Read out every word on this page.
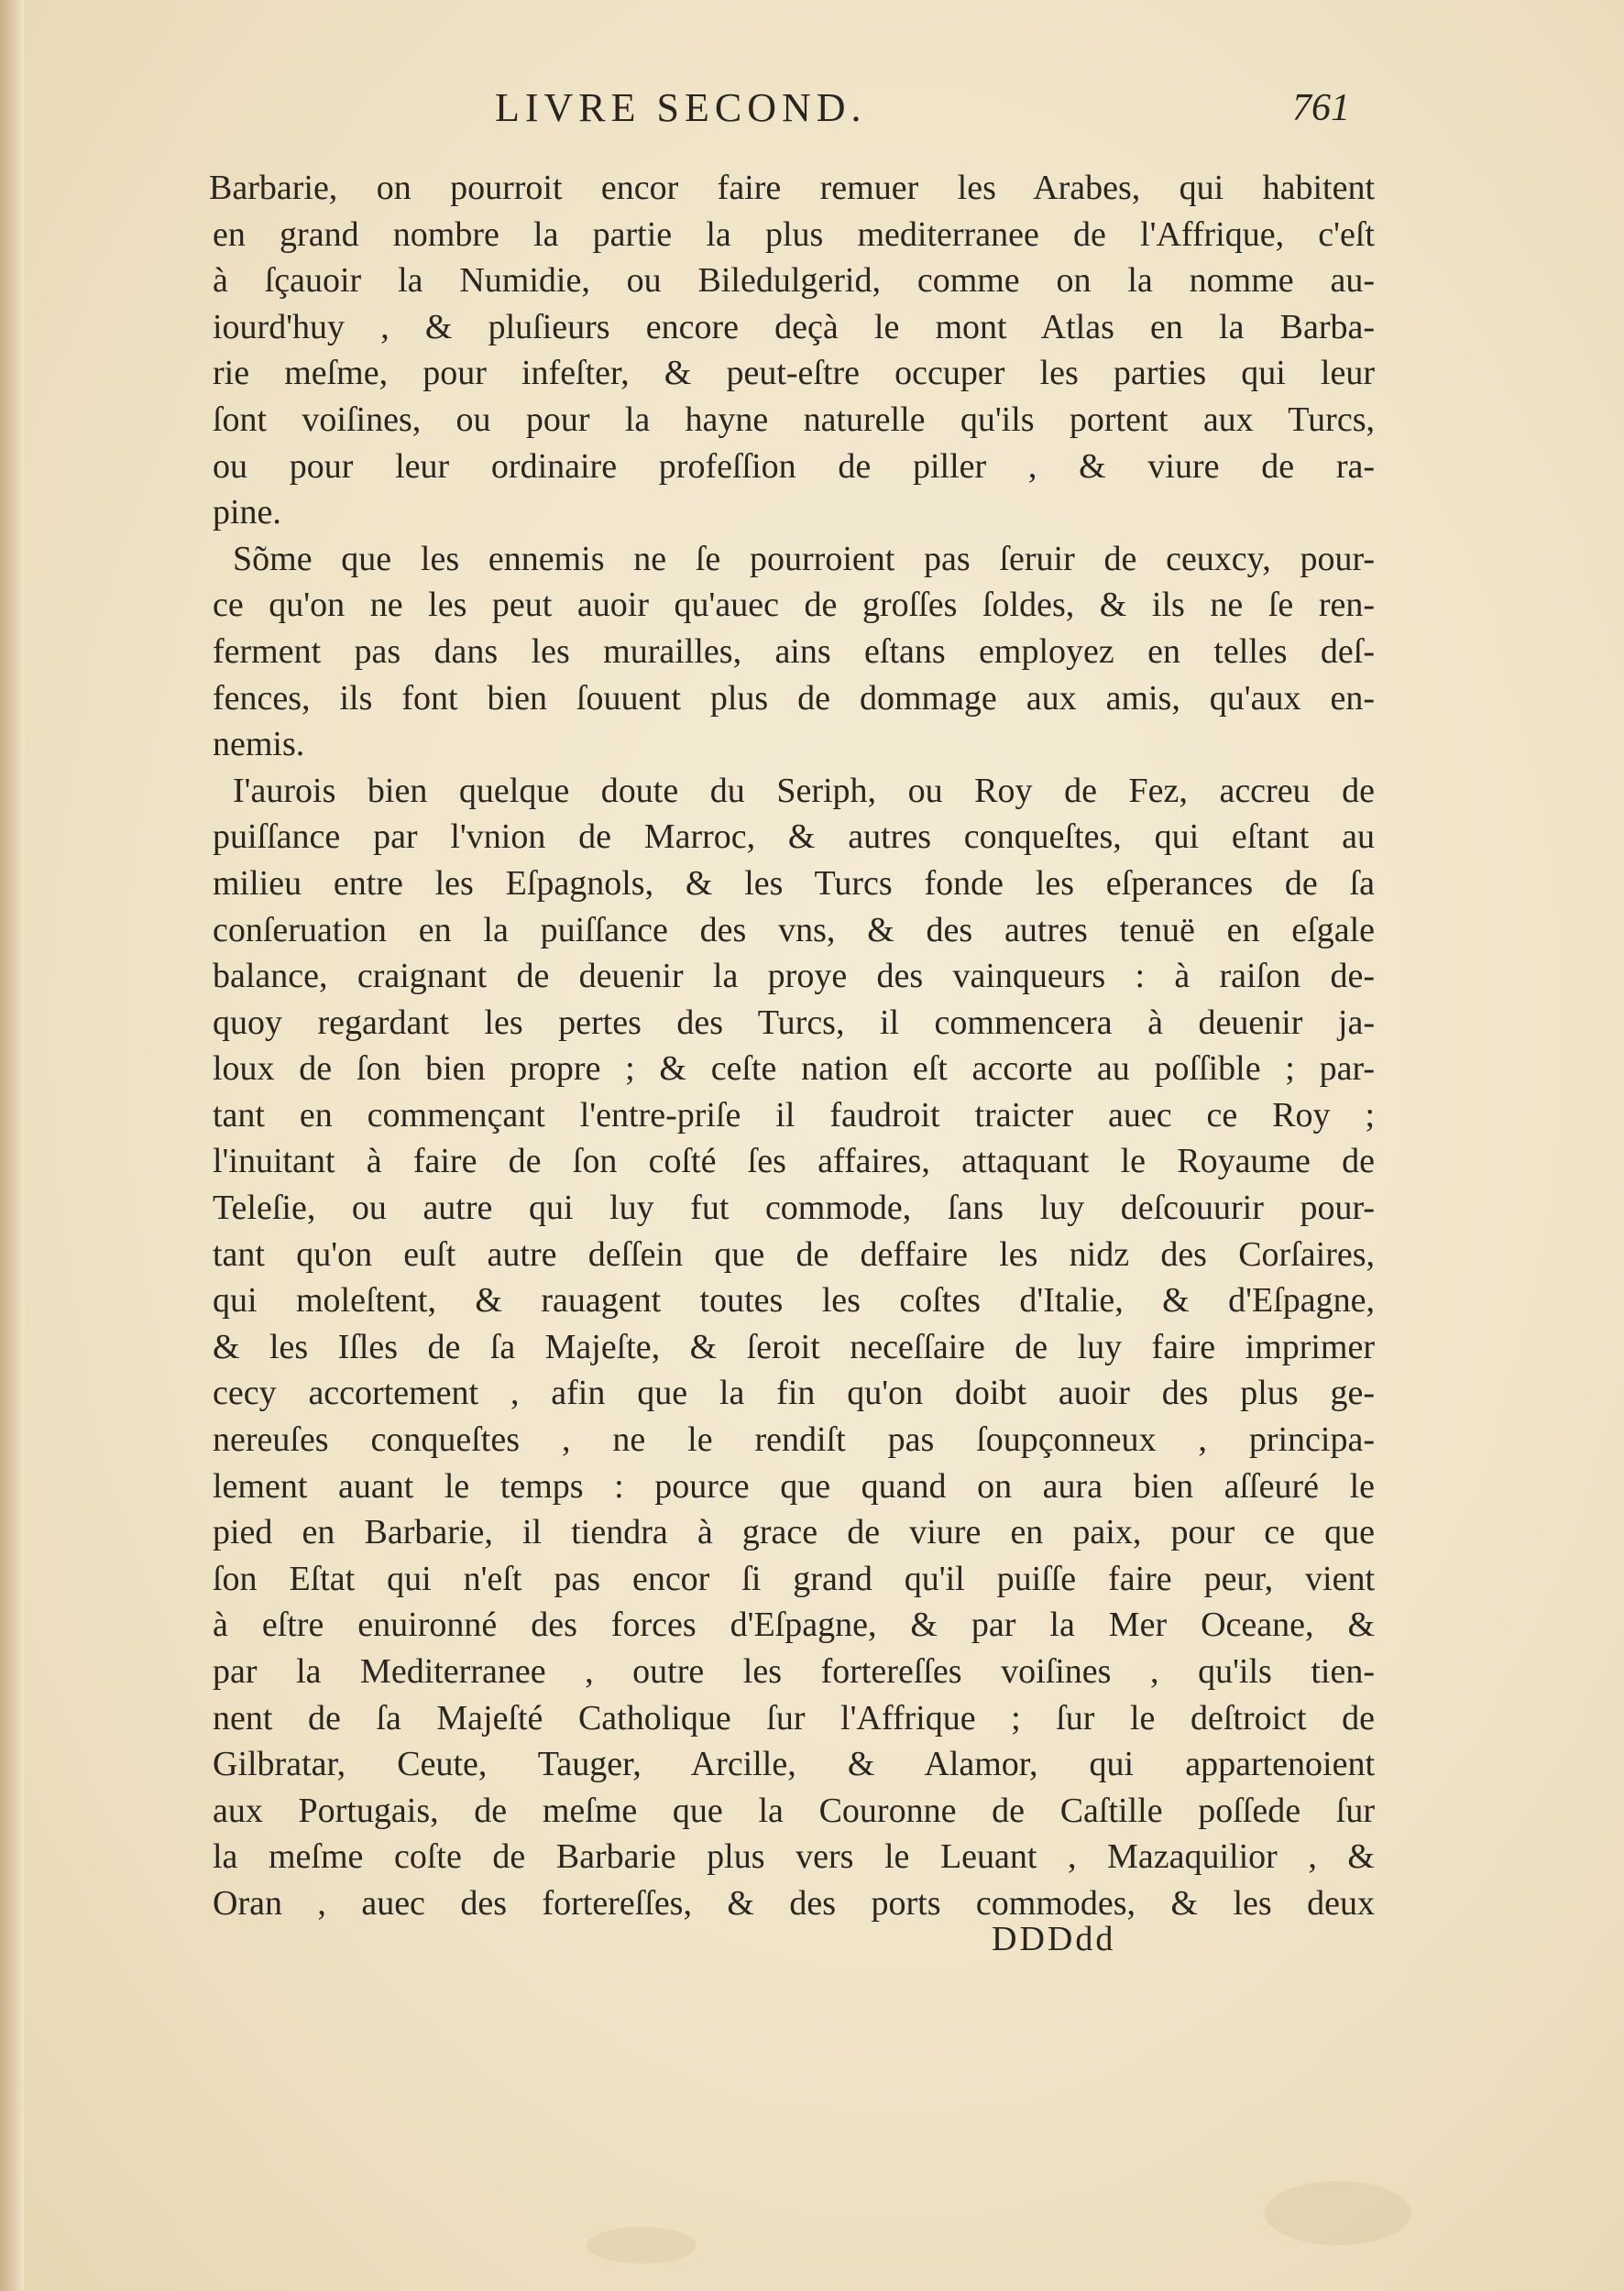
LIVRE SECOND.	761
Barbarie, on pourroit encor faire remuer les Arabes, qui habitent
en grand nombre la partie la plus mediterranee de l'Affrique, c'eſt
à ſçauoir la Numidie, ou Biledulgerid, comme on la nomme au-
iourd'huy , & pluſieurs encore deçà le mont Atlas en la Barba-
rie meſme, pour infeſter, & peut-eſtre occuper les parties qui leur
ſont voiſines, ou pour la hayne naturelle qu'ils portent aux Turcs,
ou pour leur ordinaire profeſſion de piller , & viure de ra-
pine.
Sõme que les ennemis ne ſe pourroient pas ſeruir de ceuxcy, pour-
ce qu'on ne les peut auoir qu'auec de groſſes ſoldes, & ils ne ſe ren-
ferment pas dans les murailles, ains eſtans employez en telles deſ-
fences, ils font bien ſouuent plus de dommage aux amis, qu'aux en-
nemis.
I'aurois bien quelque doute du Seriph, ou Roy de Fez, accreu de
puiſſance par l'vnion de Marroc, & autres conqueſtes, qui eſtant au
milieu entre les Eſpagnols, & les Turcs fonde les eſperances de ſa
conſeruation en la puiſſance des vns, & des autres tenuë en eſgale
balance, craignant de deuenir la proye des vainqueurs : à raiſon de-
quoy regardant les pertes des Turcs, il commencera à deuenir ja-
loux de ſon bien propre ; & ceſte nation eſt accorte au poſſible ; par-
tant en commençant l'entre-priſe il faudroit traicter auec ce Roy ;
l'inuitant à faire de ſon coſté ſes affaires, attaquant le Royaume de
Teleſie, ou autre qui luy fut commode, ſans luy deſcouurir pour-
tant qu'on euſt autre deſſein que de deffaire les nidz des Corſaires,
qui moleſtent, & rauagent toutes les coſtes d'Italie, & d'Eſpagne,
& les Iſles de ſa Majeſte, & ſeroit neceſſaire de luy faire imprimer
cecy accortement , afin que la fin qu'on doibt auoir des plus ge-
nereuſes conqueſtes , ne le rendiſt pas ſoupçonneux , principa-
lement auant le temps : pource que quand on aura bien aſſeuré le
pied en Barbarie, il tiendra à grace de viure en paix, pour ce que
ſon Eſtat qui n'eſt pas encor ſi grand qu'il puiſſe faire peur, vient
à eſtre enuironné des forces d'Eſpagne, & par la Mer Oceane, &
par la Mediterranee , outre les fortereſſes voiſines , qu'ils tien-
nent de ſa Majeſté Catholique ſur l'Affrique ; ſur le deſtroict de
Gilbratar, Ceute, Tauger, Arcille, & Alamor, qui appartenoient
aux Portugais, de meſme que la Couronne de Caſtille poſſede ſur
la meſme coſte de Barbarie plus vers le Leuant , Mazaquilior , &
Oran , auec des fortereſſes, & des ports commodes, & les deux
DDDdd
